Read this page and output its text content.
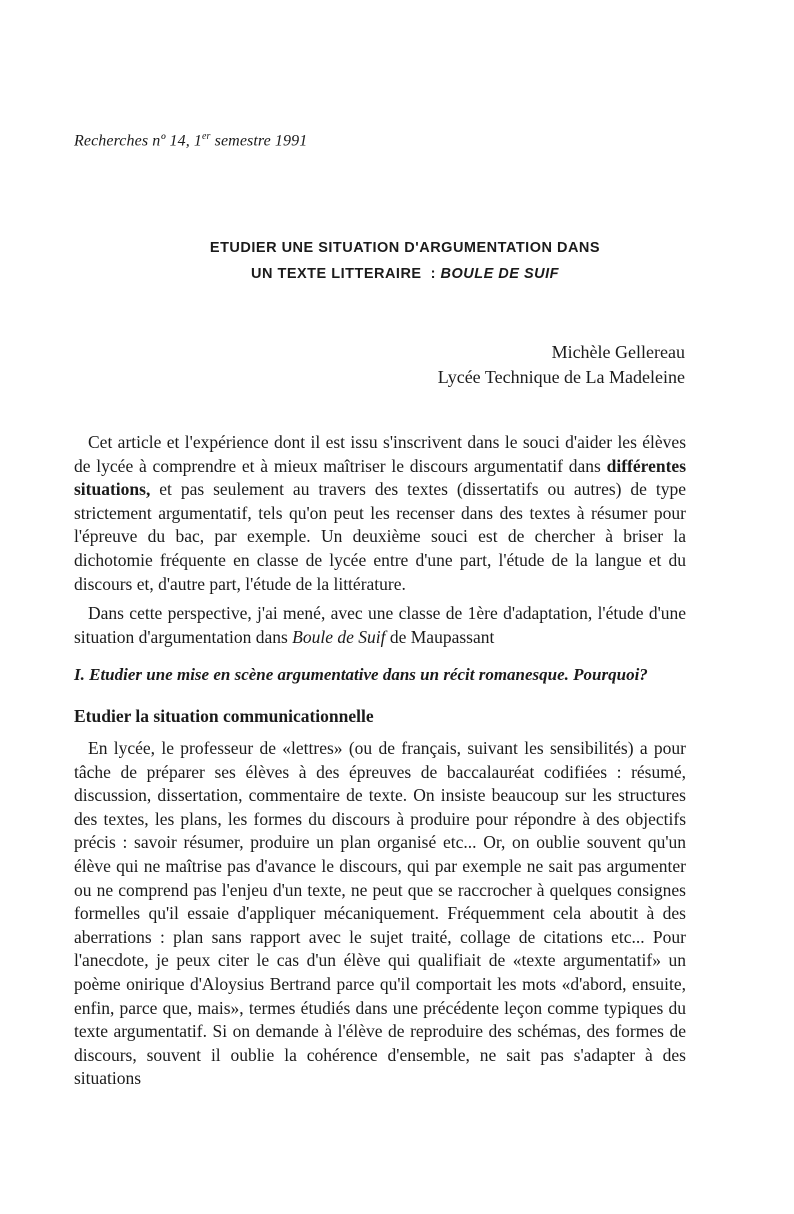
Recherches nº 14, 1er semestre 1991
ETUDIER UNE SITUATION D'ARGUMENTATION DANS
UN TEXTE LITTERAIRE  : BOULE DE SUIF
Michèle Gellereau
Lycée Technique de La Madeleine

Cet article et l'expérience dont il est issu s'inscrivent dans le souci d'aider les élèves de lycée à comprendre et à mieux maîtriser le discours argumentatif dans différentes situations, et pas seulement au travers des textes (dissertatifs ou autres) de type strictement argumentatif, tels qu'on peut les recenser dans des textes à résumer pour l'épreuve du bac, par exemple. Un deuxième souci est de chercher à briser la dichotomie fréquente en classe de lycée entre d'une part, l'étude de la langue et du discours et, d'autre part, l'étude de la littérature.

Dans cette perspective, j'ai mené, avec une classe de 1ère d'adaptation, l'étude d'une situation d'argumentation dans Boule de Suif de Maupassant

I. Etudier une mise en scène argumentative dans un récit romanesque. Pourquoi?
Etudier la situation communicationnelle

En lycée, le professeur de «lettres» (ou de français, suivant les sensibilités) a pour tâche de préparer ses élèves à des épreuves de baccalauréat codifiées : résumé, discussion, dissertation, commentaire de texte. On insiste beaucoup sur les structures des textes, les plans, les formes du discours à produire pour répondre à des objectifs précis : savoir résumer, produire un plan organisé etc... Or, on oublie souvent qu'un élève qui ne maîtrise pas d'avance le discours, qui par exemple ne sait pas argumenter ou ne comprend pas l'enjeu d'un texte, ne peut que se raccrocher à quelques consignes formelles qu'il essaie d'appliquer mécaniquement. Fréquemment cela aboutit à des aberrations : plan sans rapport avec le sujet traité, collage de citations etc... Pour l'anecdote, je peux citer le cas d'un élève qui qualifiait de «texte argumentatif» un poème onirique d'Aloysius Bertrand parce qu'il comportait les mots «d'abord, ensuite, enfin, parce que, mais», termes étudiés dans une précédente leçon comme typiques du texte argumentatif. Si on demande à l'élève de reproduire des schémas, des formes de discours, souvent il oublie la cohérence d'ensemble, ne sait pas s'adapter à des situations
